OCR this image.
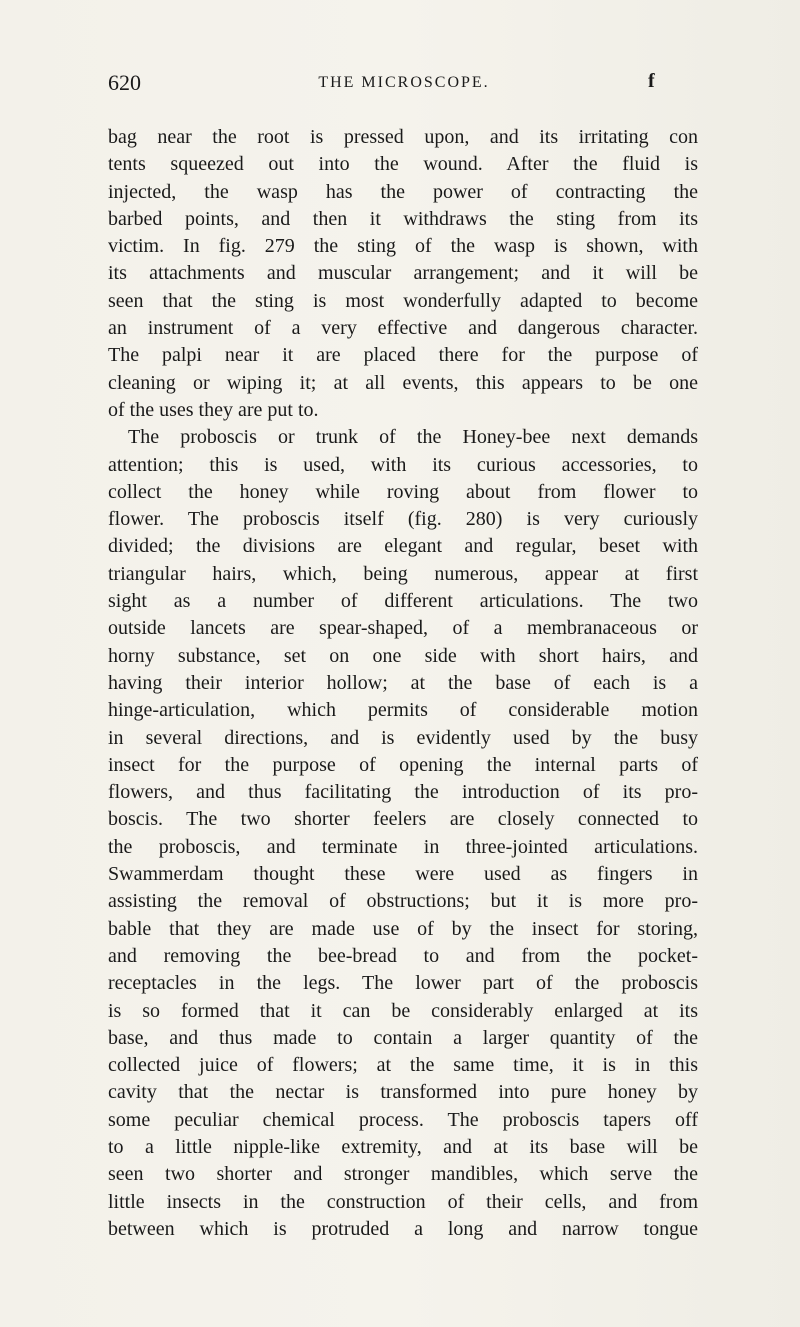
620	THE MICROSCOPE.	f
bag near the root is pressed upon, and its irritating con
tents squeezed out into the wound. After the fluid is
injected, the wasp has the power of contracting the
barbed points, and then it withdraws the sting from its
victim. In fig. 279 the sting of the wasp is shown, with
its attachments and muscular arrangement; and it will be
seen that the sting is most wonderfully adapted to become
an instrument of a very effective and dangerous character.
The palpi near it are placed there for the purpose of
cleaning or wiping it; at all events, this appears to be one
of the uses they are put to.
The proboscis or trunk of the Honey-bee next demands
attention; this is used, with its curious accessories, to
collect the honey while roving about from flower to
flower. The proboscis itself (fig. 280) is very curiously
divided; the divisions are elegant and regular, beset with
triangular hairs, which, being numerous, appear at first
sight as a number of different articulations. The two
outside lancets are spear-shaped, of a membranaceous or
horny substance, set on one side with short hairs, and
having their interior hollow; at the base of each is a
hinge-articulation, which permits of considerable motion
in several directions, and is evidently used by the busy
insect for the purpose of opening the internal parts of
flowers, and thus facilitating the introduction of its pro-
boscis. The two shorter feelers are closely connected to
the proboscis, and terminate in three-jointed articulations.
Swammerdam thought these were used as fingers in
assisting the removal of obstructions; but it is more pro-
bable that they are made use of by the insect for storing,
and removing the bee-bread to and from the pocket-
receptacles in the legs. The lower part of the proboscis
is so formed that it can be considerably enlarged at its
base, and thus made to contain a larger quantity of the
collected juice of flowers; at the same time, it is in this
cavity that the nectar is transformed into pure honey by
some peculiar chemical process. The proboscis tapers off
to a little nipple-like extremity, and at its base will be
seen two shorter and stronger mandibles, which serve the
little insects in the construction of their cells, and from
between which is protruded a long and narrow tongue
